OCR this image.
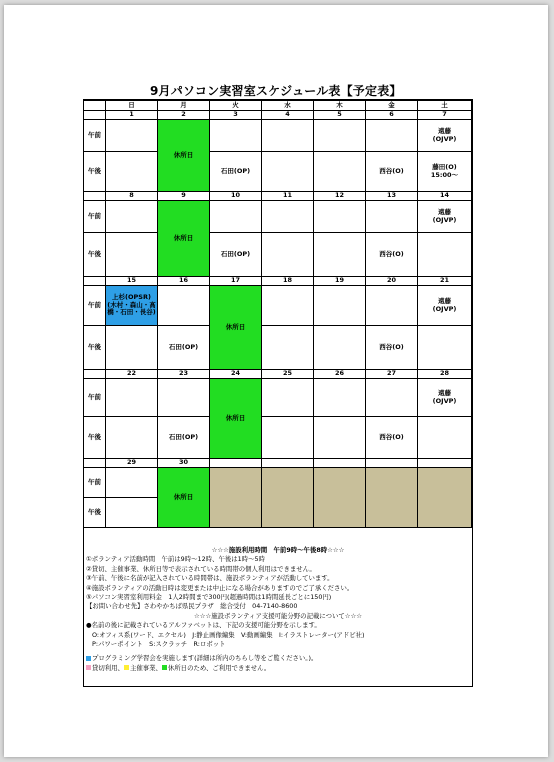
9月パソコン実習室スケジュール表【予定表】
	日	月	火	水	木	金	土
	1	2	3	4	5	6	7
午前		休所日					遠藤
(OJVP)
午後			石田(OP)			西谷(O)	藤田(O)
15:00〜
	8	9	10	11	12	13	14
午前		休所日					遠藤
(OJVP)
午後			石田(OP)			西谷(O)	
	15	16	17	18	19	20	21
午前	上杉(OPSR)
(木村・森山・髙橋・石田・長谷)		休所日				遠藤
(OJVP)
午後		石田(OP)				西谷(O)	
	22	23	24	25	26	27	28
午前			休所日				遠藤
(OJVP)
午後		石田(OP)				西谷(O)	
	29	30					
午前		休所日					
午後							
☆☆☆施設利用時間　午前9時〜午後8時☆☆☆
①ボランティア活動時間　午前は9時〜12時、午後は1時〜5時
②貸切、主催事業、休所日等で表示されている時間帯の個人利用はできません。
③午前、午後に名前が記入されている時間帯は、施設ボランティアが活動しています。
④施設ボランティアの活動日時は変更または中止になる場合がありますのでご了承ください。
⑤パソコン実習室利用料金　1人2時間まで300円(超過時間は1時間延長ごとに150円)
【お問い合わせ先】さわやかちば県民プラザ　総合受付　04-7140-8600
☆☆☆施設ボランティア支援可能分野の記載について☆☆☆
●名前の後に記載されているアルファベットは、下記の支援可能分野を示します。
O:オフィス系(ワード、エクセル)　J:静止画像編集　V:動画編集　I:イラストレーター(アドビ社)
P:パワーポイント　S:スクラッチ　R:ロボット
プログラミング学習会を実施します(詳細は所内のちらし等をご覧ください。)。
貸切利用、 主催事業、 休所日のため、ご利用できません。
